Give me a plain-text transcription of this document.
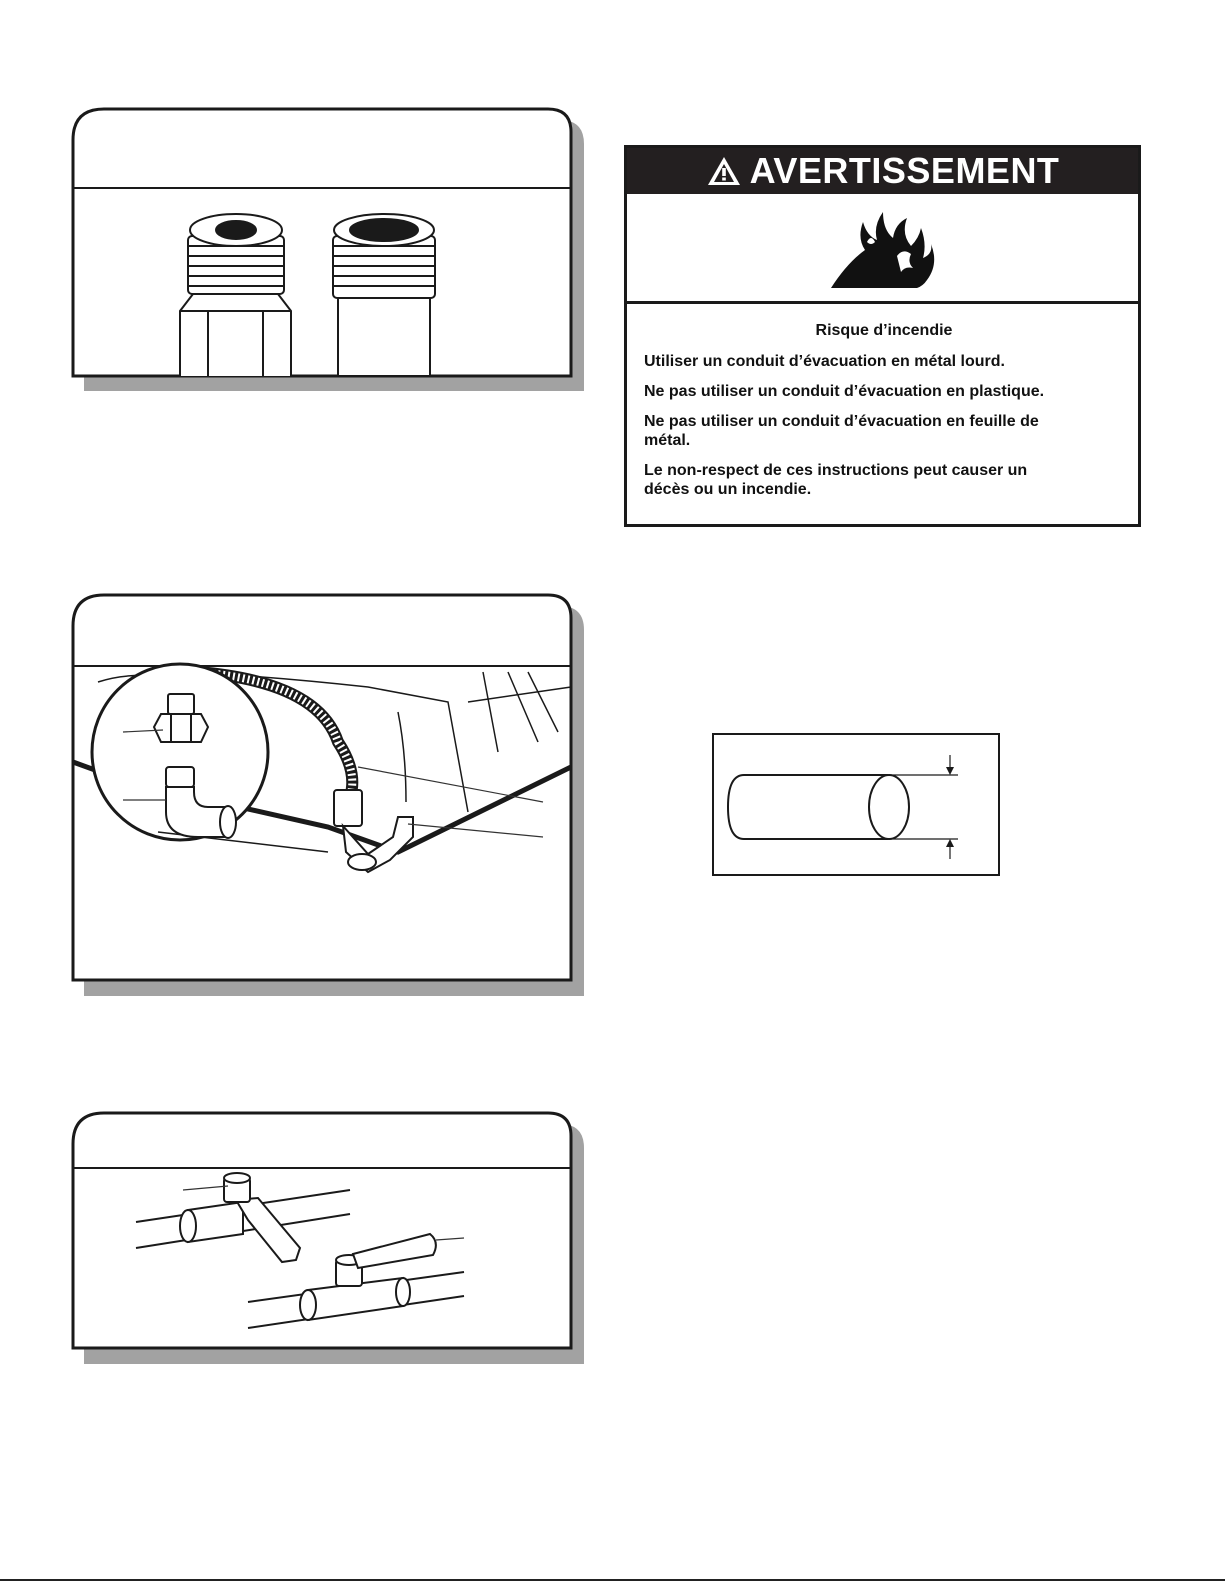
AVERTISSEMENT

Risque d’incendie

Utiliser un conduit d’évacuation en métal lourd.

Ne pas utiliser un conduit d’évacuation en plastique.

Ne pas utiliser un conduit d’évacuation en feuille de métal.

Le non-respect de ces instructions peut causer un décès ou un incendie.
